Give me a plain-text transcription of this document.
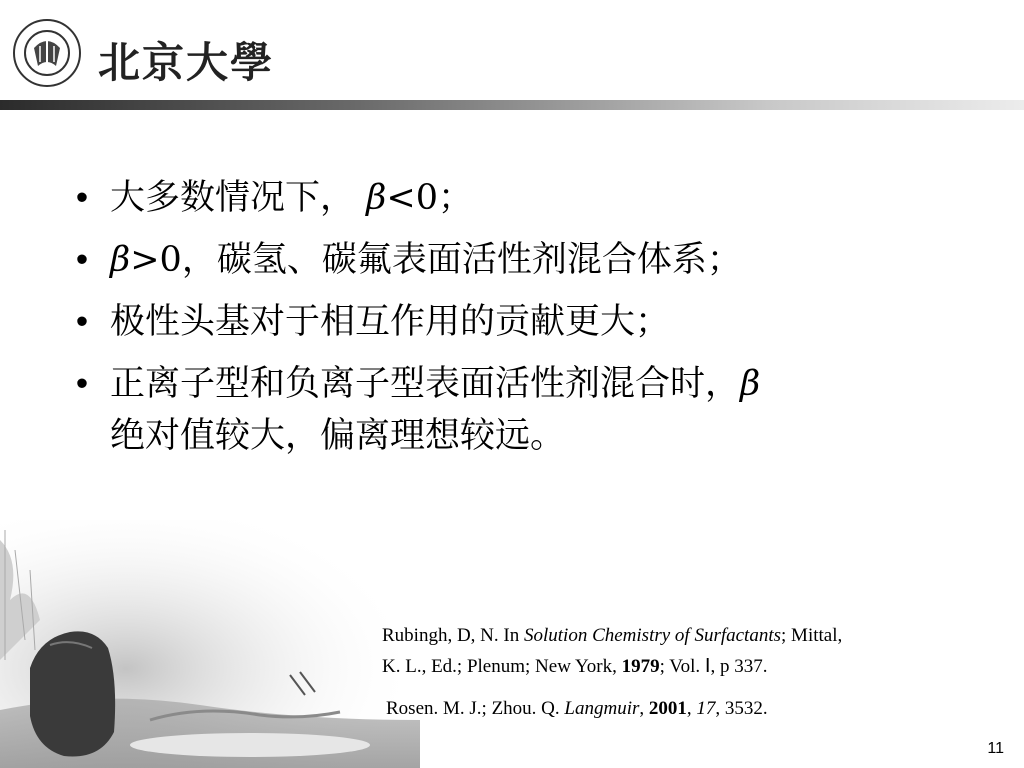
北京大學
• 大多数情况下， β<0；
• β>0，碳氢、碳氟表面活性剂混合体系；
• 极性头基对于相互作用的贡献更大；
• 正离子型和负离子型表面活性剂混合时，β
绝对值较大，偏离理想较远。
Rubingh, D, N. In Solution Chemistry of Surfactants; Mittal,
K. L., Ed.; Plenum; New York, 1979; Vol. Ⅰ, p 337.
Rosen. M. J.; Zhou. Q. Langmuir, 2001, 17, 3532.
11
